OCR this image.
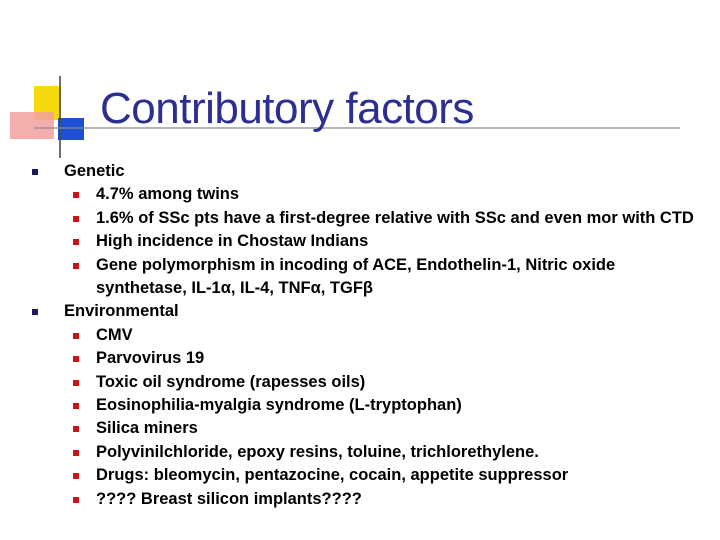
Contributory factors
Genetic
4.7% among twins
1.6% of SSc pts have a first-degree relative with SSc and even mor with CTD
High incidence in Chostaw Indians
Gene polymorphism in incoding of ACE, Endothelin-1, Nitric oxide synthetase, IL-1α, IL-4, TNFα, TGFβ
Environmental
CMV
Parvovirus 19
Toxic oil syndrome (rapesses oils)
Eosinophilia-myalgia syndrome (L-tryptophan)
Silica miners
Polyvinilchloride, epoxy resins, toluine, trichlorethylene.
Drugs: bleomycin, pentazocine, cocain, appetite suppressor
???? Breast silicon implants????
